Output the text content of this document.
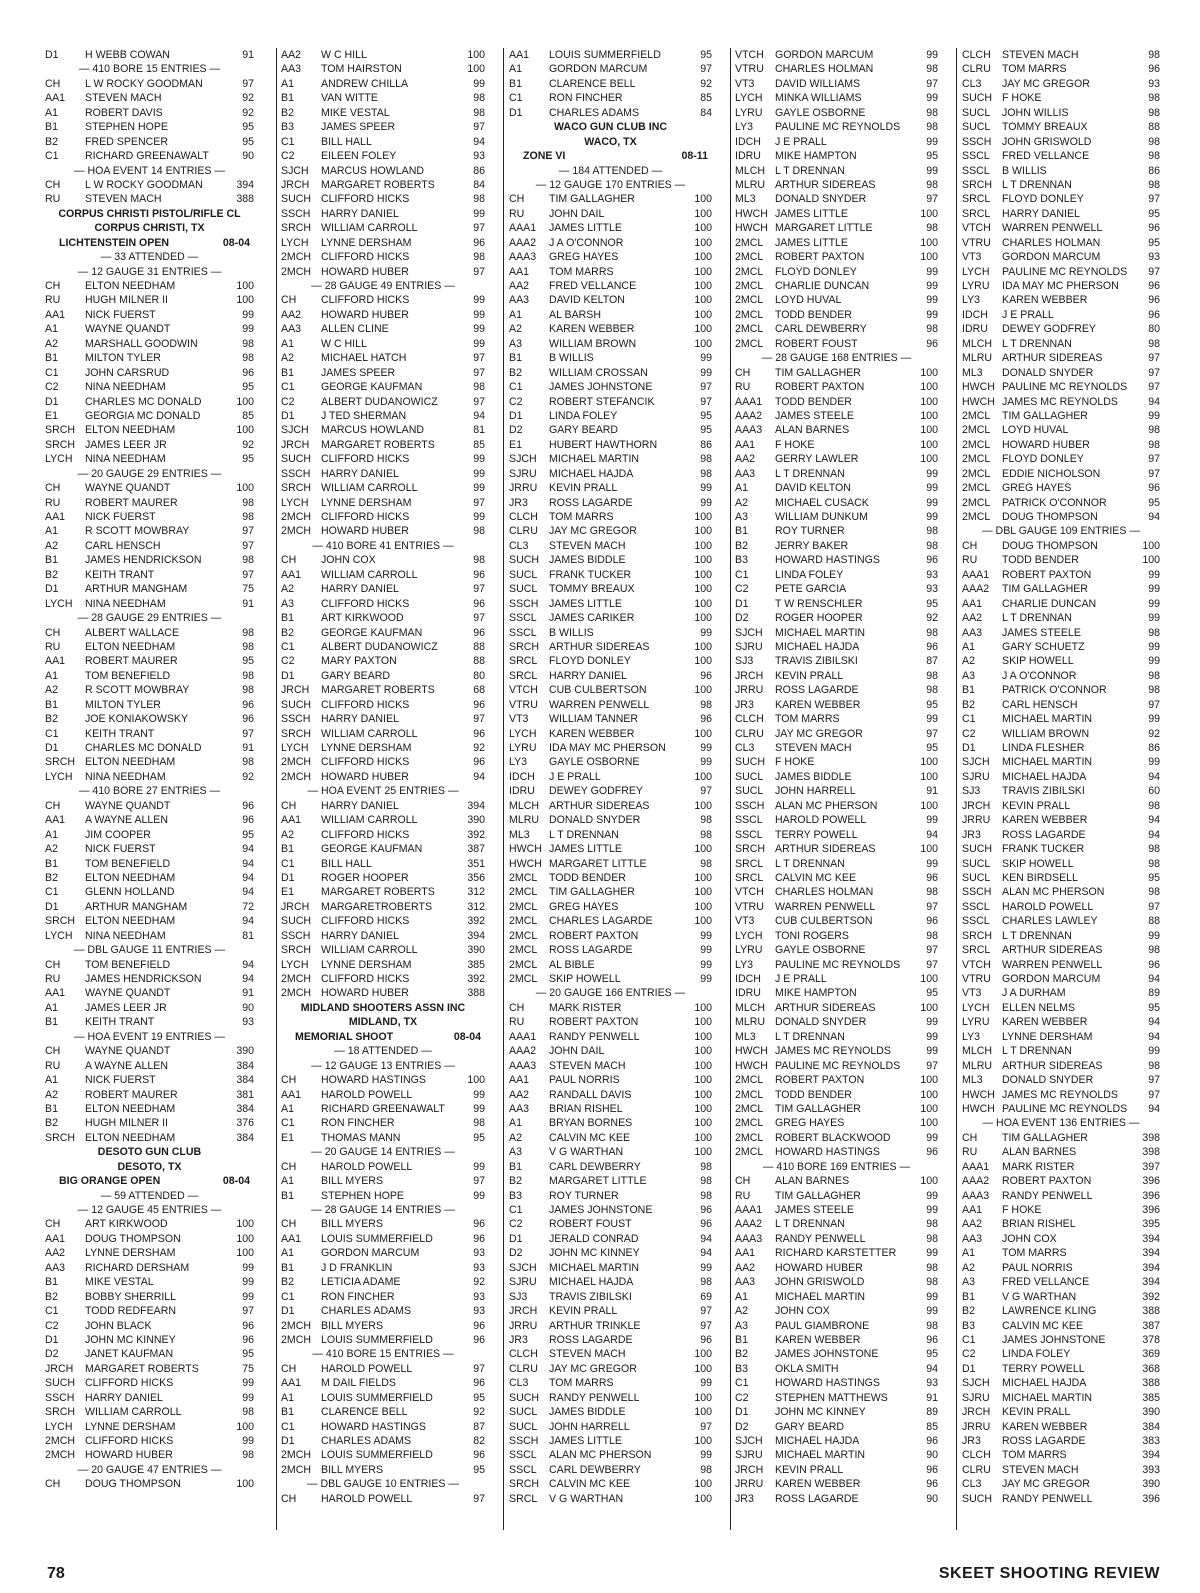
D1	H WEBB COWAN	91
— 410 BORE 15 ENTRIES —
CH	L W ROCKY GOODMAN	97
AA1	STEVEN MACH	92
A1	ROBERT DAVIS	92
B1	STEPHEN HOPE	95
B2	FRED SPENCER	95
C1	RICHARD GREENAWALT	90
— HOA EVENT 14 ENTRIES —
CH	L W ROCKY GOODMAN	394
RU	STEVEN MACH	388
CORPUS CHRISTI PISTOL/RIFLE CL
CORPUS CHRISTI, TX
LICHTENSTEIN OPEN	08-04
— 33 ATTENDED —
— 12 GAUGE 31 ENTRIES —
CH	ELTON NEEDHAM	100
RU	HUGH MILNER II	100
AA1	NICK FUERST	99
A1	WAYNE QUANDT	99
A2	MARSHALL GOODWIN	98
B1	MILTON TYLER	98
C1	JOHN CARSRUD	96
C2	NINA NEEDHAM	95
D1	CHARLES MC DONALD	100
E1	GEORGIA MC DONALD	85
SRCH ELTON NEEDHAM	100
SRCH JAMES LEER JR	92
LYCH	NINA NEEDHAM	95
— 20 GAUGE 29 ENTRIES —
CH	WAYNE QUANDT	100
RU	ROBERT MAURER	98
AA1	NICK FUERST	98
A1	R SCOTT MOWBRAY	97
A2	CARL HENSCH	97
B1	JAMES HENDRICKSON	98
B2	KEITH TRANT	97
D1	ARTHUR MANGHAM	75
LYCH	NINA NEEDHAM	91
— 28 GAUGE 29 ENTRIES —
CH	ALBERT WALLACE	98
RU	ELTON NEEDHAM	98
AA1	ROBERT MAURER	95
A1	TOM BENEFIELD	98
A2	R SCOTT MOWBRAY	98
B1	MILTON TYLER	96
B2	JOE KONIAKOWSKY	96
C1	KEITH TRANT	97
D1	CHARLES MC DONALD	91
SRCH ELTON NEEDHAM	98
LYCH	NINA NEEDHAM	92
— 410 BORE 27 ENTRIES —
CH	WAYNE QUANDT	96
AA1	A WAYNE ALLEN	96
A1	JIM COOPER	95
A2	NICK FUERST	94
B1	TOM BENEFIELD	94
B2	ELTON NEEDHAM	94
C1	GLENN HOLLAND	94
D1	ARTHUR MANGHAM	72
SRCH ELTON NEEDHAM	94
LYCH	NINA NEEDHAM	81
— DBL GAUGE 11 ENTRIES —
CH	TOM BENEFIELD	94
RU	JAMES HENDRICKSON	94
AA1	WAYNE QUANDT	91
A1	JAMES LEER JR	90
B1	KEITH TRANT	93
— HOA EVENT 19 ENTRIES —
CH	WAYNE QUANDT	390
RU	A WAYNE ALLEN	384
A1	NICK FUERST	384
A2	ROBERT MAURER	381
B1	ELTON NEEDHAM	384
B2	HUGH MILNER II	376
SRCH ELTON NEEDHAM	384
DESOTO GUN CLUB
DESOTO, TX
BIG ORANGE OPEN	08-04
— 59 ATTENDED —
— 12 GAUGE 45 ENTRIES —
CH	ART KIRKWOOD	100
AA1	DOUG THOMPSON	100
AA2	LYNNE DERSHAM	100
AA3	RICHARD DERSHAM	99
B1	MIKE VESTAL	99
B2	BOBBY SHERRILL	99
C1	TODD REDFEARN	97
C2	JOHN BLACK	96
D1	JOHN MC KINNEY	96
D2	JANET KAUFMAN	95
JRCH	MARGARET ROBERTS	75
SUCH CLIFFORD HICKS	99
SSCH HARRY DANIEL	99
SRCH WILLIAM CARROLL	98
LYCH	LYNNE DERSHAM	100
2MCH CLIFFORD HICKS	99
2MCH HOWARD HUBER	98
— 20 GAUGE 47 ENTRIES —
CH	DOUG THOMPSON	100
AA2	W C HILL	100
AA3	TOM HAIRSTON	100
A1	ANDREW CHILLA	99
B1	VAN WITTE	98
B2	MIKE VESTAL	98
B3	JAMES SPEER	97
C1	BILL HALL	94
C2	EILEEN FOLEY	93
SJCH	MARCUS HOWLAND	86
JRCH	MARGARET ROBERTS	84
SUCH CLIFFORD HICKS	98
SSCH HARRY DANIEL	99
SRCH WILLIAM CARROLL	97
LYCH	LYNNE DERSHAM	96
2MCH CLIFFORD HICKS	98
2MCH HOWARD HUBER	97
— 28 GAUGE 49 ENTRIES —
CH	CLIFFORD HICKS	99
AA2	HOWARD HUBER	99
AA3	ALLEN CLINE	99
A1	W C HILL	99
A2	MICHAEL HATCH	97
B1	JAMES SPEER	97
C1	GEORGE KAUFMAN	98
C2	ALBERT DUDANOWICZ	97
D1	J TED SHERMAN	94
SJCH	MARCUS HOWLAND	81
JRCH	MARGARET ROBERTS	85
SUCH CLIFFORD HICKS	99
SSCH HARRY DANIEL	99
SRCH WILLIAM CARROLL	99
LYCH	LYNNE DERSHAM	97
2MCH CLIFFORD HICKS	99
2MCH HOWARD HUBER	98
— 410 BORE 41 ENTRIES —
CH	JOHN COX	98
AA1	WILLIAM CARROLL	96
A2	HARRY DANIEL	97
A3	CLIFFORD HICKS	96
B1	ART KIRKWOOD	97
B2	GEORGE KAUFMAN	96
C1	ALBERT DUDANOWICZ	88
C2	MARY PAXTON	88
D1	GARY BEARD	80
JRCH	MARGARET ROBERTS	68
SUCH CLIFFORD HICKS	96
SSCH HARRY DANIEL	97
SRCH WILLIAM CARROLL	96
LYCH	LYNNE DERSHAM	92
2MCH CLIFFORD HICKS	96
2MCH HOWARD HUBER	94
— HOA EVENT 25 ENTRIES —
CH	HARRY DANIEL	394
AA1	WILLIAM CARROLL	390
A2	CLIFFORD HICKS	392
B1	GEORGE KAUFMAN	387
C1	BILL HALL	351
D1	ROGER HOOPER	356
E1	MARGARET ROBERTS	312
JRCH	MARGARETROBERTS	312
SUCH CLIFFORD HICKS	392
SSCH HARRY DANIEL	394
SRCH WILLIAM CARROLL	390
LYCH	LYNNE DERSHAM	385
2MCH CLIFFORD HICKS	392
2MCH HOWARD HUBER	388
MIDLAND SHOOTERS ASSN INC
MIDLAND, TX
MEMORIAL SHOOT	08-04
— 18 ATTENDED —
— 12 GAUGE 13 ENTRIES —
CH	HOWARD HASTINGS	100
AA1	HAROLD POWELL	99
A1	RICHARD GREENAWALT	99
C1	RON FINCHER	98
E1	THOMAS MANN	95
— 20 GAUGE 14 ENTRIES —
CH	HAROLD POWELL	99
A1	BILL MYERS	97
B1	STEPHEN HOPE	99
— 28 GAUGE 14 ENTRIES —
CH	BILL MYERS	96
AA1	LOUIS SUMMERFIELD	96
A1	GORDON MARCUM	93
B1	J D FRANKLIN	93
B2	LETICIA ADAME	92
C1	RON FINCHER	93
D1	CHARLES ADAMS	93
2MCH BILL MYERS	96
2MCH LOUIS SUMMERFIELD	96
— 410 BORE 15 ENTRIES —
CH	HAROLD POWELL	97
AA1	M DAIL FIELDS	96
A1	LOUIS SUMMERFIELD	95
B1	CLARENCE BELL	92
C1	HOWARD HASTINGS	87
D1	CHARLES ADAMS	82
2MCH LOUIS SUMMERFIELD	96
2MCH BILL MYERS	95
— DBL GAUGE 10 ENTRIES —
CH	HAROLD POWELL	97
AA1	LOUIS SUMMERFIELD	95
A1	GORDON MARCUM	97
B1	CLARENCE BELL	92
C1	RON FINCHER	85
D1	CHARLES ADAMS	84
WACO GUN CLUB INC
WACO, TX
ZONE VI	08-11
— 184 ATTENDED —
— 12 GAUGE 170 ENTRIES —
CH	TIM GALLAGHER	100
RU	JOHN DAIL	100
AAA1	JAMES LITTLE	100
AAA2	J A O'CONNOR	100
AAA3	GREG HAYES	100
AA1	TOM MARRS	100
AA2	FRED VELLANCE	100
AA3	DAVID KELTON	100
A1	AL BARSH	100
A2	KAREN WEBBER	100
A3	WILLIAM BROWN	100
B1	B WILLIS	99
B2	WILLIAM CROSSAN	99
C1	JAMES JOHNSTONE	97
C2	ROBERT STEFANCIK	97
D1	LINDA FOLEY	95
D2	GARY BEARD	95
E1	HUBERT HAWTHORN	86
SJCH	MICHAEL MARTIN	98
SJRU	MICHAEL HAJDA	98
JRRU	KEVIN PRALL	99
JR3	ROSS LAGARDE	99
CLCH	TOM MARRS	100
CLRU	JAY MC GREGOR	100
CL3	STEVEN MACH	100
SUCH JAMES BIDDLE	100
SUCL	FRANK TUCKER	100
SUCL	TOMMY BREAUX	100
SSCH JAMES LITTLE	100
SSCL	JAMES CARIKER	100
SSCL	B WILLIS	99
SRCH ARTHUR SIDEREAS	100
SRCL	FLOYD DONLEY	100
SRCL	HARRY DANIEL	96
VTCH	CUB CULBERTSON	100
VTRU	WARREN PENWELL	98
VT3	WILLIAM TANNER	96
LYCH	KAREN WEBBER	100
LYRU	IDA MAY MC PHERSON	99
LY3	GAYLE OSBORNE	99
IDCH	J E PRALL	100
IDRU	DEWEY GODFREY	97
MLCH ARTHUR SIDEREAS	100
MLRU DONALD SNYDER	98
ML3	L T DRENNAN	98
HWCH JAMES LITTLE	100
HWCH MARGARET LITTLE	98
2MCL	TODD BENDER	100
2MCL	TIM GALLAGHER	100
2MCL	GREG HAYES	100
2MCL	CHARLES LAGARDE	100
2MCL	ROBERT PAXTON	99
2MCL	ROSS LAGARDE	99
2MCL	AL BIBLE	99
2MCL	SKIP HOWELL	99
— 20 GAUGE 166 ENTRIES —
CH	MARK RISTER	100
RU	ROBERT PAXTON	100
AAA1	RANDY PENWELL	100
AAA2	JOHN DAIL	100
AAA3	STEVEN MACH	100
AA1	PAUL NORRIS	100
AA2	RANDALL DAVIS	100
AA3	BRIAN RISHEL	100
A1	BRYAN BORNES	100
A2	CALVIN MC KEE	100
A3	V G WARTHAN	100
B1	CARL DEWBERRY	98
B2	MARGARET LITTLE	98
B3	ROY TURNER	98
C1	JAMES JOHNSTONE	96
C2	ROBERT FOUST	96
D1	JERALD CONRAD	94
D2	JOHN MC KINNEY	94
SJCH	MICHAEL MARTIN	99
SJRU	MICHAEL HAJDA	98
SJ3	TRAVIS ZIBILSKI	69
JRCH	KEVIN PRALL	97
JRRU	ARTHUR TRINKLE	97
JR3	ROSS LAGARDE	96
CLCH	STEVEN MACH	100
CLRU	JAY MC GREGOR	100
CL3	TOM MARRS	99
SUCH RANDY PENWELL	100
SUCL	JAMES BIDDLE	100
SUCL	JOHN HARRELL	97
SSCH JAMES LITTLE	100
SSCL	ALAN MC PHERSON	99
SSCL	CARL DEWBERRY	98
SRCH CALVIN MC KEE	100
SRCL	V G WARTHAN	100
VTCH	GORDON MARCUM	99
VTRU	CHARLES HOLMAN	98
VT3	DAVID WILLIAMS	97
LYCH	MINKA WILLIAMS	99
LYRU	GAYLE OSBORNE	98
LY3	PAULINE MC REYNOLDS	98
IDCH	J E PRALL	99
IDRU	MIKE HAMPTON	95
MLCH L T DRENNAN	99
MLRU ARTHUR SIDEREAS	98
ML3	DONALD SNYDER	97
HWCH JAMES LITTLE	100
HWCH MARGARET LITTLE	98
2MCL	JAMES LITTLE	100
2MCL	ROBERT PAXTON	100
2MCL	FLOYD DONLEY	99
2MCL	CHARLIE DUNCAN	99
2MCL	LOYD HUVAL	99
2MCL	TODD BENDER	99
2MCL	CARL DEWBERRY	98
2MCL	ROBERT FOUST	96
— 28 GAUGE 168 ENTRIES —
CH	TIM GALLAGHER	100
RU	ROBERT PAXTON	100
AAA1	TODD BENDER	100
AAA2	JAMES STEELE	100
AAA3	ALAN BARNES	100
AA1	F HOKE	100
AA2	GERRY LAWLER	100
AA3	L T DRENNAN	99
A1	DAVID KELTON	99
A2	MICHAEL CUSACK	99
A3	WILLIAM DUNKUM	99
B1	ROY TURNER	98
B2	JERRY BAKER	98
B3	HOWARD HASTINGS	96
C1	LINDA FOLEY	93
C2	PETE GARCIA	93
D1	T W RENSCHLER	95
D2	ROGER HOOPER	92
SJCH	MICHAEL MARTIN	98
SJRU	MICHAEL HAJDA	96
SJ3	TRAVIS ZIBILSKI	87
JRCH	KEVIN PRALL	98
JRRU	ROSS LAGARDE	98
JR3	KAREN WEBBER	95
CLCH	TOM MARRS	99
CLRU	JAY MC GREGOR	97
CL3	STEVEN MACH	95
SUCH F HOKE	100
SUCL	JAMES BIDDLE	100
SUCL	JOHN HARRELL	91
SSCH ALAN MC PHERSON	100
SSCL	HAROLD POWELL	99
SSCL	TERRY POWELL	94
SRCH ARTHUR SIDEREAS	100
SRCL	L T DRENNAN	99
SRCL	CALVIN MC KEE	96
VTCH	CHARLES HOLMAN	98
VTRU	WARREN PENWELL	97
VT3	CUB CULBERTSON	96
LYCH	TONI ROGERS	98
LYRU	GAYLE OSBORNE	97
LY3	PAULINE MC REYNOLDS	97
IDCH	J E PRALL	100
IDRU	MIKE HAMPTON	95
MLCH ARTHUR SIDEREAS	100
MLRU DONALD SNYDER	99
ML3	L T DRENNAN	99
HWCH JAMES MC REYNOLDS	99
HWCH PAULINE MC REYNOLDS	97
2MCL	ROBERT PAXTON	100
2MCL	TODD BENDER	100
2MCL	TIM GALLAGHER	100
2MCL	GREG HAYES	100
2MCL	ROBERT BLACKWOOD	99
2MCL	HOWARD HASTINGS	96
— 410 BORE 169 ENTRIES —
CH	ALAN BARNES	100
RU	TIM GALLAGHER	99
AAA1	JAMES STEELE	99
AAA2	L T DRENNAN	98
AAA3	RANDY PENWELL	98
AA1	RICHARD KARSTETTER	99
AA2	HOWARD HUBER	98
AA3	JOHN GRISWOLD	98
A1	MICHAEL MARTIN	99
A2	JOHN COX	99
A3	PAUL GIAMBRONE	98
B1	KAREN WEBBER	96
B2	JAMES JOHNSTONE	95
B3	OKLA SMITH	94
C1	HOWARD HASTINGS	93
C2	STEPHEN MATTHEWS	91
D1	JOHN MC KINNEY	89
D2	GARY BEARD	85
SJCH	MICHAEL HAJDA	96
SJRU	MICHAEL MARTIN	90
JRCH	KEVIN PRALL	96
JRRU	KAREN WEBBER	96
JR3	ROSS LAGARDE	90
CLCH	STEVEN MACH	98
CLRU	TOM MARRS	96
CL3	JAY MC GREGOR	93
SUCH F HOKE	98
SUCL	JOHN WILLIS	98
SUCL	TOMMY BREAUX	88
SSCH JOHN GRISWOLD	98
SSCL	FRED VELLANCE	98
SSCL	B WILLIS	86
SRCH L T DRENNAN	98
SRCL	FLOYD DONLEY	97
SRCL	HARRY DANIEL	95
VTCH	WARREN PENWELL	96
VTRU	CHARLES HOLMAN	95
VT3	GORDON MARCUM	93
LYCH	PAULINE MC REYNOLDS	97
LYRU	IDA MAY MC PHERSON	96
LY3	KAREN WEBBER	96
IDCH	J E PRALL	96
IDRU	DEWEY GODFREY	80
MLCH L T DRENNAN	98
MLRU ARTHUR SIDEREAS	97
ML3	DONALD SNYDER	97
HWCH PAULINE MC REYNOLDS	97
HWCH JAMES MC REYNOLDS	94
2MCL	TIM GALLAGHER	99
2MCL	LOYD HUVAL	98
2MCL	HOWARD HUBER	98
2MCL	FLOYD DONLEY	97
2MCL	EDDIE NICHOLSON	97
2MCL	GREG HAYES	96
2MCL	PATRICK O'CONNOR	95
2MCL	DOUG THOMPSON	94
— DBL GAUGE 109 ENTRIES —
CH	DOUG THOMPSON	100
RU	TODD BENDER	100
AAA1	ROBERT PAXTON	99
AAA2	TIM GALLAGHER	99
AA1	CHARLIE DUNCAN	99
AA2	L T DRENNAN	99
AA3	JAMES STEELE	98
A1	GARY SCHUETZ	99
A2	SKIP HOWELL	99
A3	J A O'CONNOR	98
B1	PATRICK O'CONNOR	98
B2	CARL HENSCH	97
C1	MICHAEL MARTIN	99
C2	WILLIAM BROWN	92
D1	LINDA FLESHER	86
SJCH	MICHAEL MARTIN	99
SJRU	MICHAEL HAJDA	94
SJ3	TRAVIS ZIBILSKI	60
JRCH	KEVIN PRALL	98
JRRU	KAREN WEBBER	94
JR3	ROSS LAGARDE	94
SUCH FRANK TUCKER	98
SUCL	SKIP HOWELL	98
SUCL	KEN BIRDSELL	95
SSCH ALAN MC PHERSON	98
SSCL	HAROLD POWELL	97
SSCL	CHARLES LAWLEY	88
SRCH L T DRENNAN	99
SRCL	ARTHUR SIDEREAS	98
VTCH	WARREN PENWELL	96
VTRU	GORDON MARCUM	94
VT3	J A DURHAM	89
LYCH	ELLEN NELMS	95
LYRU	KAREN WEBBER	94
LY3	LYNNE DERSHAM	94
MLCH L T DRENNAN	99
MLRU ARTHUR SIDEREAS	98
ML3	DONALD SNYDER	97
HWCH JAMES MC REYNOLDS	97
HWCH PAULINE MC REYNOLDS	94
— HOA EVENT 136 ENTRIES —
CH	TIM GALLAGHER	398
RU	ALAN BARNES	398
AAA1	MARK RISTER	397
AAA2	ROBERT PAXTON	396
AAA3	RANDY PENWELL	396
AA1	F HOKE	396
AA2	BRIAN RISHEL	395
AA3	JOHN COX	394
A1	TOM MARRS	394
A2	PAUL NORRIS	394
A3	FRED VELLANCE	394
B1	V G WARTHAN	392
B2	LAWRENCE KLING	388
B3	CALVIN MC KEE	387
C1	JAMES JOHNSTONE	378
C2	LINDA FOLEY	369
D1	TERRY POWELL	368
SJCH	MICHAEL HAJDA	388
SJRU	MICHAEL MARTIN	385
JRCH	KEVIN PRALL	390
JRRU	KAREN WEBBER	384
JR3	ROSS LAGARDE	383
CLCH	TOM MARRS	394
CLRU	STEVEN MACH	393
CL3	JAY MC GREGOR	390
SUCH RANDY PENWELL	396
78	SKEET SHOOTING REVIEW
